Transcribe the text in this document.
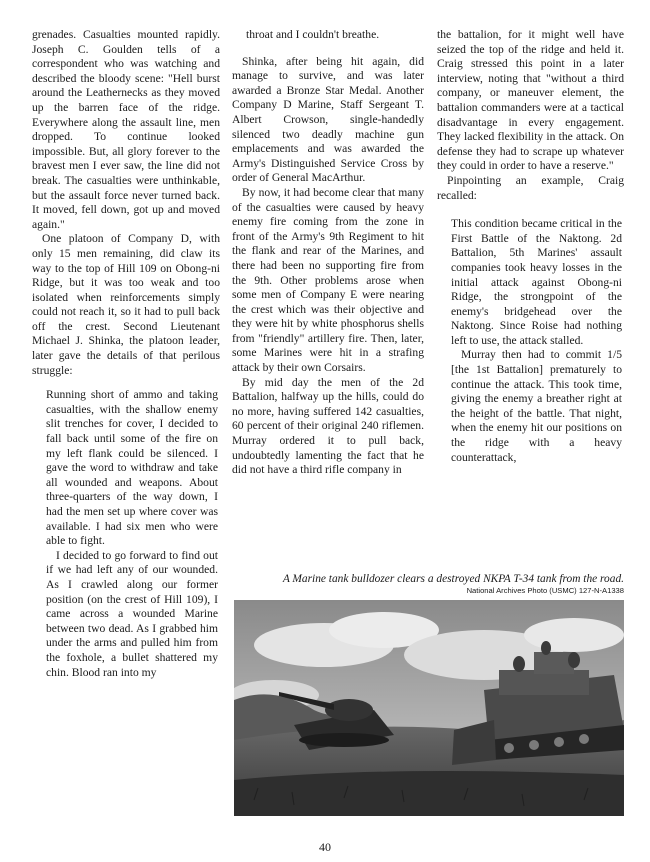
grenades. Casualties mounted rapidly. Joseph C. Goulden tells of a correspondent who was watching and described the bloody scene: "Hell burst around the Leathernecks as they moved up the barren face of the ridge. Everywhere along the assault line, men dropped. To continue looked impossible. But, all glory forever to the bravest men I ever saw, the line did not break. The casualties were unthinkable, but the assault force never turned back. It moved, fell down, got up and moved again."

One platoon of Company D, with only 15 men remaining, did claw its way to the top of Hill 109 on Obong-ni Ridge, but it was too weak and too isolated when reinforcements simply could not reach it, so it had to pull back off the crest. Second Lieutenant Michael J. Shinka, the platoon leader, later gave the details of that perilous struggle:

Running short of ammo and taking casualties, with the shallow enemy slit trenches for cover, I decided to fall back until some of the fire on my left flank could be silenced. I gave the word to withdraw and take all wounded and weapons. About three-quarters of the way down, I had the men set up where cover was available. I had six men who were able to fight.

I decided to go forward to find out if we had left any of our wounded. As I crawled along our former position (on the crest of Hill 109), I came across a wounded Marine between two dead. As I grabbed him under the arms and pulled him from the foxhole, a bullet shattered my chin. Blood ran into my

throat and I couldn't breathe.

Shinka, after being hit again, did manage to survive, and was later awarded a Bronze Star Medal. Another Company D Marine, Staff Sergeant T. Albert Crowson, single-handedly silenced two deadly machine gun emplacements and was awarded the Army's Distinguished Service Cross by order of General MacArthur.

By now, it had become clear that many of the casualties were caused by heavy enemy fire coming from the zone in front of the Army's 9th Regiment to hit the flank and rear of the Marines, and there had been no supporting fire from the 9th. Other problems arose when some men of Company E were nearing the crest which was their objective and they were hit by white phosphorus shells from "friendly" artillery fire. Then, later, some Marines were hit in a strafing attack by their own Corsairs.

By mid day the men of the 2d Battalion, halfway up the hills, could do no more, having suffered 142 casualties, 60 percent of their original 240 riflemen. Murray ordered it to pull back, undoubtedly lamenting the fact that he did not have a third rifle company in

the battalion, for it might well have seized the top of the ridge and held it. Craig stressed this point in a later interview, noting that "without a third company, or maneuver element, the battalion commanders were at a tactical disadvantage in every engagement. They lacked flexibility in the attack. On defense they had to scrape up whatever they could in order to have a reserve."

Pinpointing an example, Craig recalled:

This condition became critical in the First Battle of the Naktong. 2d Battalion, 5th Marines' assault companies took heavy losses in the initial attack against Obong-ni Ridge, the strongpoint of the enemy's bridgehead over the Naktong. Since Roise had nothing left to use, the attack stalled.

Murray then had to commit 1/5 [the 1st Battalion] prematurely to continue the attack. This took time, giving the enemy a breather right at the height of the battle. That night, when the enemy hit our positions on the ridge with a heavy counterattack,

A Marine tank bulldozer clears a destroyed NKPA T-34 tank from the road.
National Archives Photo (USMC) 127-N-A1338
40
